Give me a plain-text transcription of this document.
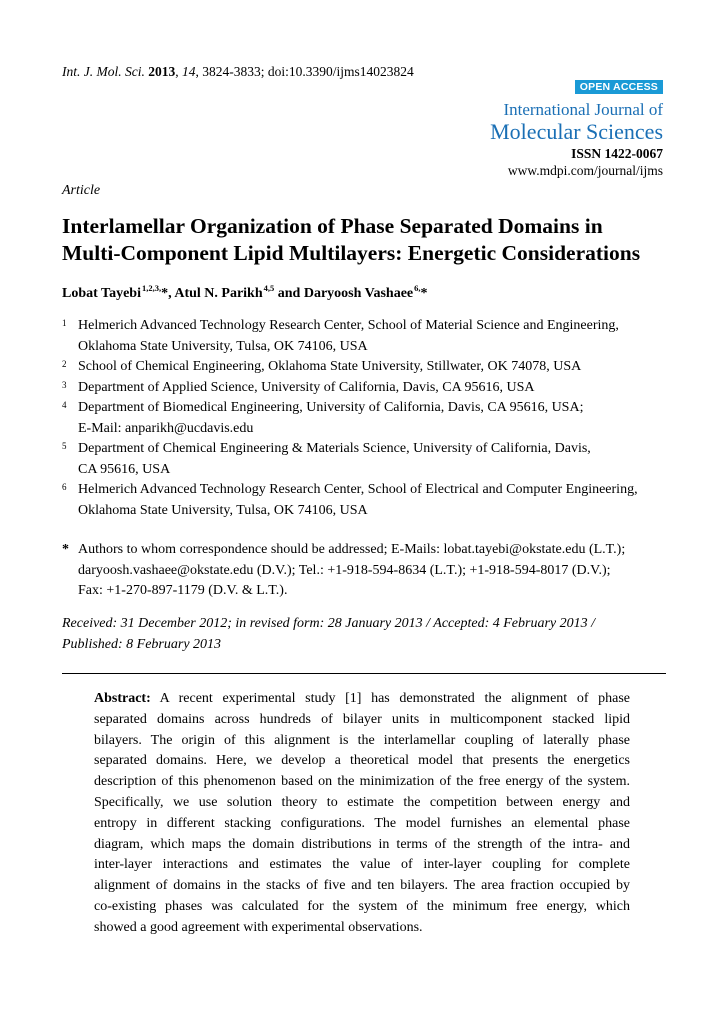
Int. J. Mol. Sci. 2013, 14, 3824-3833; doi:10.3390/ijms14023824
OPEN ACCESS
International Journal of
Molecular Sciences
ISSN 1422-0067
www.mdpi.com/journal/ijms
Article
Interlamellar Organization of Phase Separated Domains in
Multi-Component Lipid Multilayers: Energetic Considerations
Lobat Tayebi$^{1,2,3,}$*, Atul N. Parikh$^{4,5}$ and Daryoosh Vashaee$^{6,}$*
1 Helmerich Advanced Technology Research Center, School of Material Science and Engineering,
Oklahoma State University, Tulsa, OK 74106, USA
2 School of Chemical Engineering, Oklahoma State University, Stillwater, OK 74078, USA
3 Department of Applied Science, University of California, Davis, CA 95616, USA
4 Department of Biomedical Engineering, University of California, Davis, CA 95616, USA;
E-Mail: anparikh@ucdavis.edu
5 Department of Chemical Engineering & Materials Science, University of California, Davis,
CA 95616, USA
6 Helmerich Advanced Technology Research Center, School of Electrical and Computer Engineering,
Oklahoma State University, Tulsa, OK 74106, USA
* Authors to whom correspondence should be addressed; E-Mails: lobat.tayebi@okstate.edu (L.T.);
daryoosh.vashaee@okstate.edu (D.V.); Tel.: +1-918-594-8634 (L.T.); +1-918-594-8017 (D.V.);
Fax: +1-270-897-1179 (D.V. & L.T.).
Received: 31 December 2012; in revised form: 28 January 2013 / Accepted: 4 February 2013 /
Published: 8 February 2013
Abstract: A recent experimental study [1] has demonstrated the alignment of phase
separated domains across hundreds of bilayer units in multicomponent stacked lipid
bilayers. The origin of this alignment is the interlamellar coupling of laterally phase
separated domains. Here, we develop a theoretical model that presents the energetics
description of this phenomenon based on the minimization of the free energy of the system.
Specifically, we use solution theory to estimate the competition between energy and
entropy in different stacking configurations. The model furnishes an elemental phase
diagram, which maps the domain distributions in terms of the strength of the intra- and
inter-layer interactions and estimates the value of inter-layer coupling for complete
alignment of domains in the stacks of five and ten bilayers. The area fraction occupied by
co-existing phases was calculated for the system of the minimum free energy, which
showed a good agreement with experimental observations.
